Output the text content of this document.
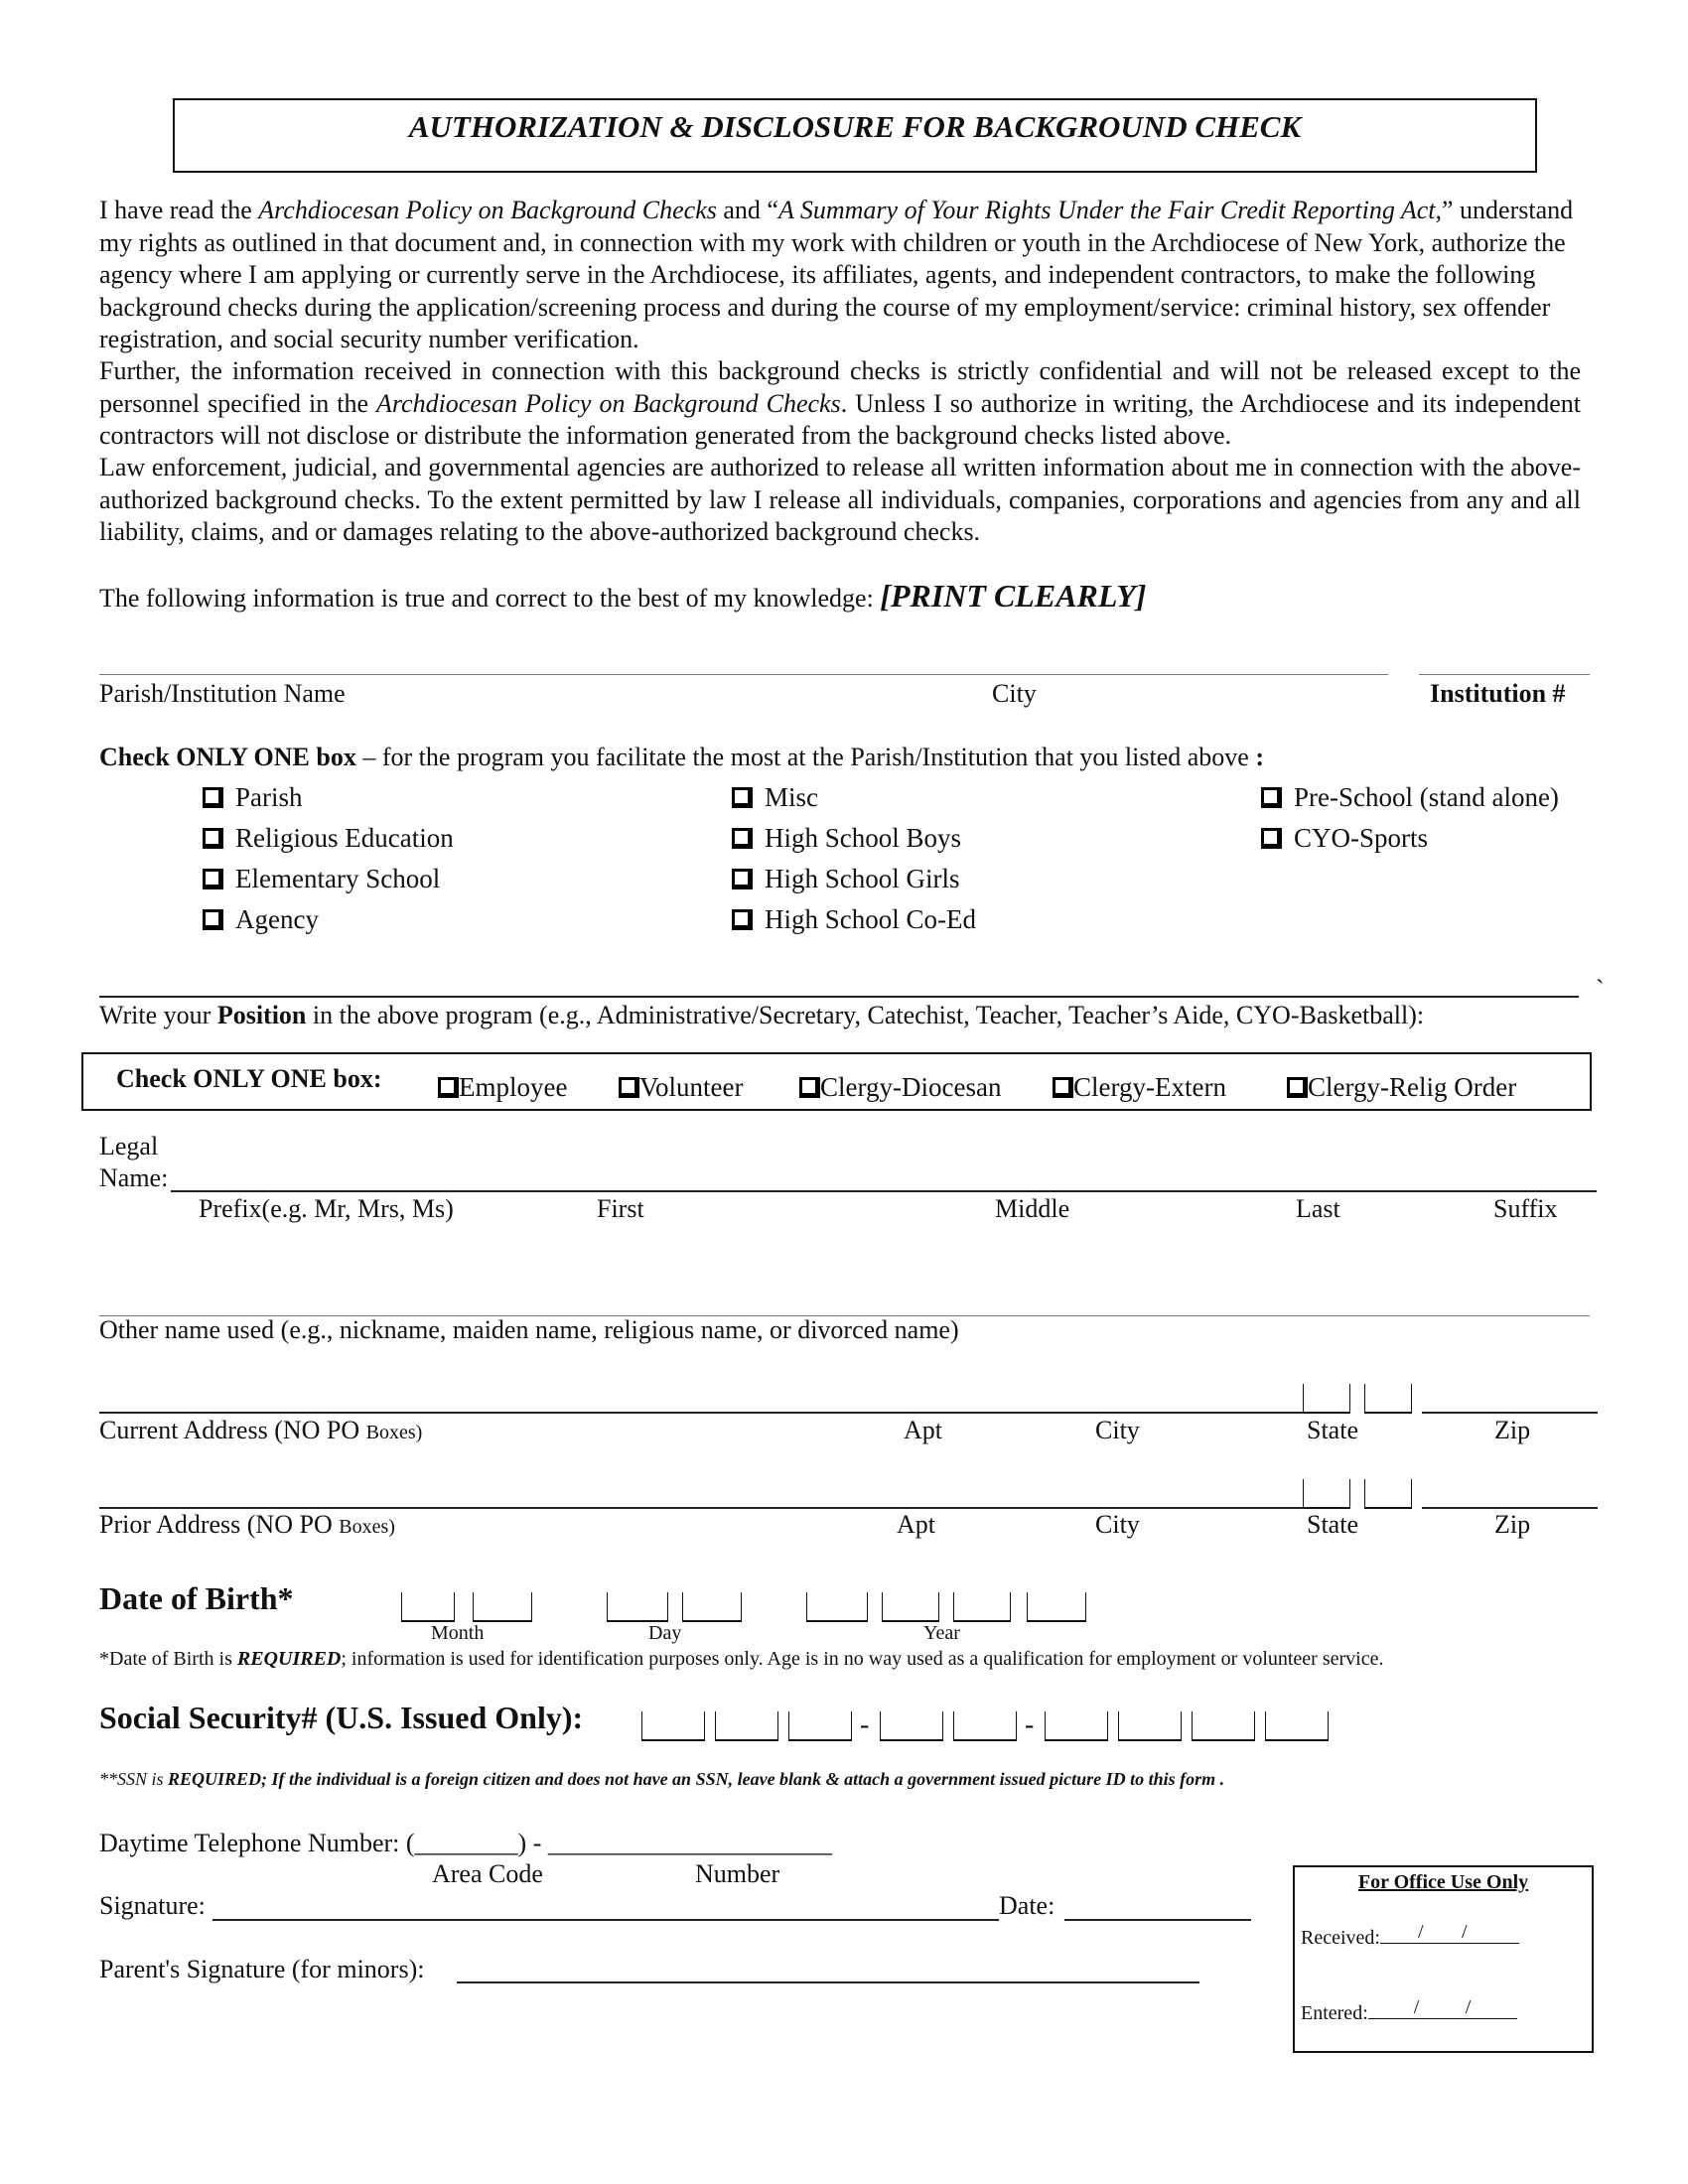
AUTHORIZATION & DISCLOSURE FOR BACKGROUND CHECK
I have read the Archdiocesan Policy on Background Checks and “A Summary of Your Rights Under the Fair Credit Reporting Act,” understand my rights as outlined in that document and, in connection with my work with children or youth in the Archdiocese of New York, authorize the agency where I am applying or currently serve in the Archdiocese, its affiliates, agents, and independent contractors, to make the following background checks during the application/screening process and during the course of my employment/service: criminal history, sex offender registration, and social security number verification.
Further, the information received in connection with this background checks is strictly confidential and will not be released except to the personnel specified in the Archdiocesan Policy on Background Checks. Unless I so authorize in writing, the Archdiocese and its independent contractors will not disclose or distribute the information generated from the background checks listed above.
Law enforcement, judicial, and governmental agencies are authorized to release all written information about me in connection with the above-authorized background checks. To the extent permitted by law I release all individuals, companies, corporations and agencies from any and all liability, claims, and or damages relating to the above-authorized background checks.
The following information is true and correct to the best of my knowledge: [PRINT CLEARLY]
Parish/Institution Name	City	Institution #
Check ONLY ONE box – for the program you facilitate the most at the Parish/Institution that you listed above :
Parish
Religious Education
Elementary School
Agency
Misc
High School Boys
High School Girls
High School Co-Ed
Pre-School (stand alone)
CYO-Sports
`
Write your Position in the above program (e.g., Administrative/Secretary, Catechist, Teacher, Teacher’s Aide, CYO-Basketball):
Check ONLY ONE box:	Employee	Volunteer	Clergy-Diocesan	Clergy-Extern	Clergy-Relig Order
Legal
Name:
Prefix(e.g. Mr, Mrs, Ms)	First	Middle	Last	Suffix
Other name used (e.g., nickname, maiden name, religious name, or divorced name)
Current Address (NO PO Boxes)	Apt	City	State	Zip
Prior Address (NO PO Boxes)	Apt	City	State	Zip
Date of Birth*
Month	Day	Year
*Date of Birth is REQUIRED; information is used for identification purposes only. Age is in no way used as a qualification for employment or volunteer service.
Social Security# (U.S. Issued Only):	-	-
**SSN is REQUIRED; If the individual is a foreign citizen and does not have an SSN, leave blank & attach a government issued picture ID to this form .
Daytime Telephone Number: (________) - ______________________
Area Code	Number
Signature:	Date:
Parent's Signature (for minors):
For Office Use Only
Received: / /
Entered: / /
